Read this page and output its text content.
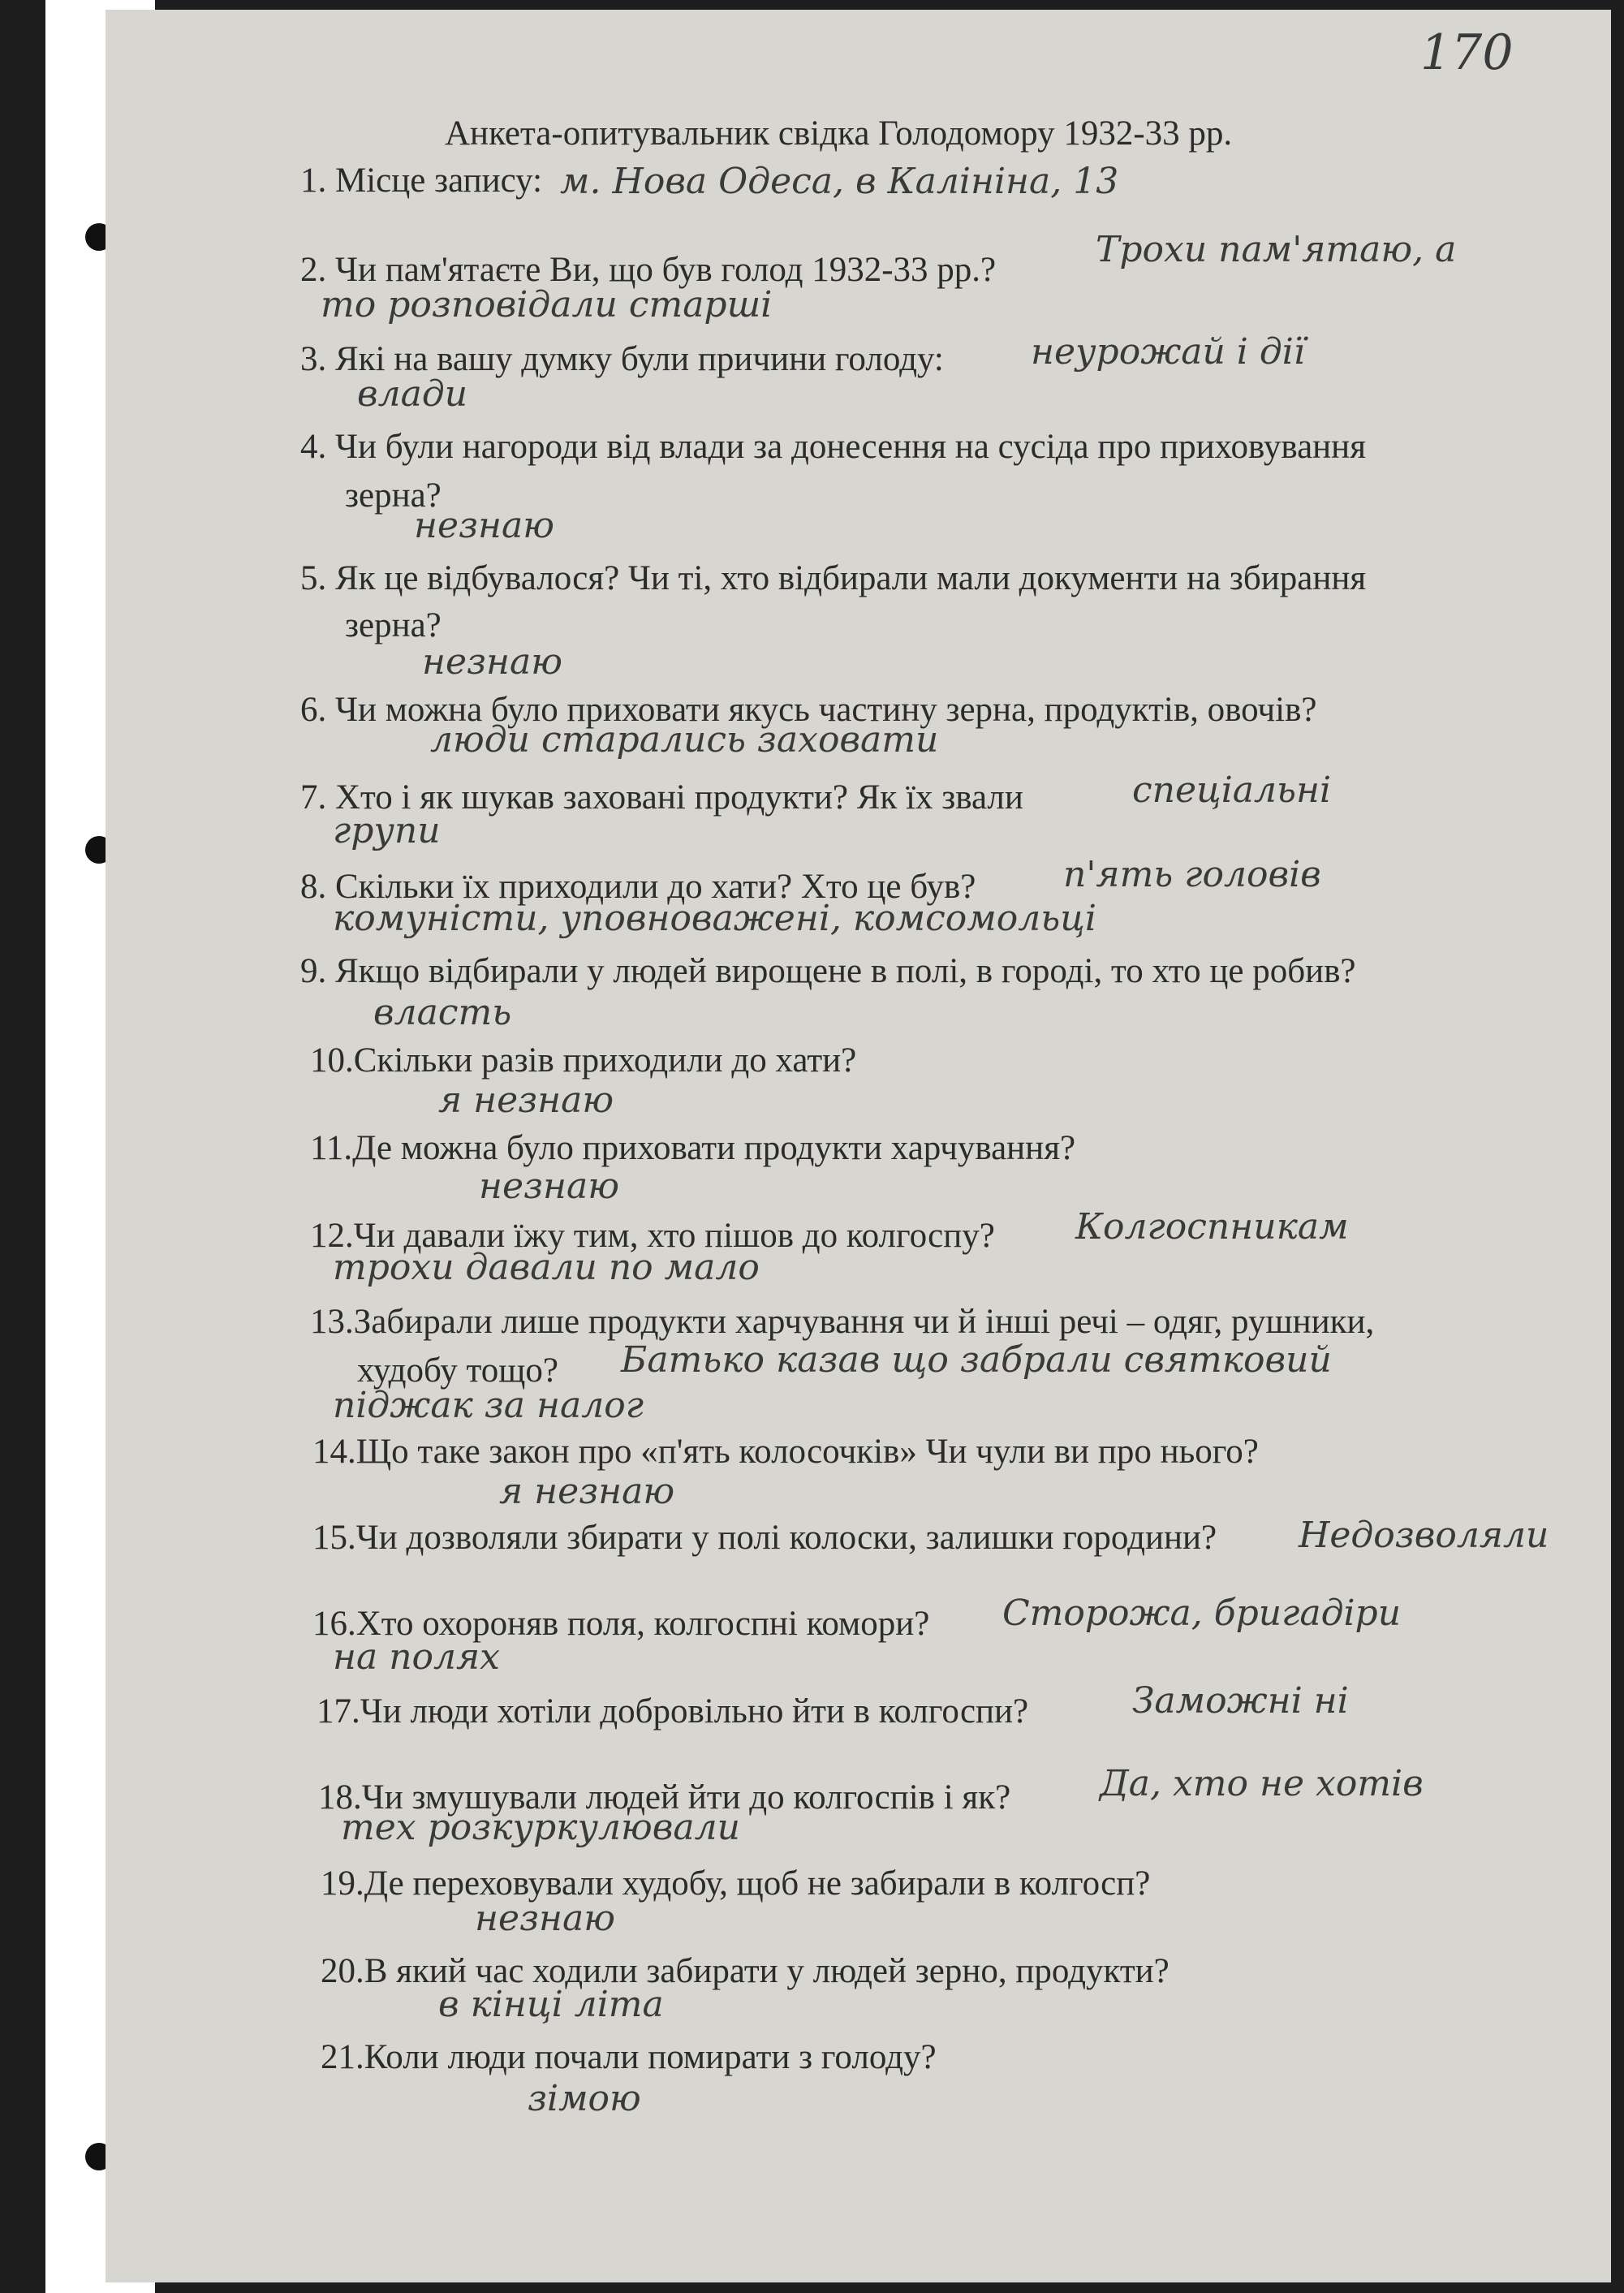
170
Анкета-опитувальник свідка Голодомору 1932-33 рр.
1. Місце запису:
2. Чи пам'ятаєте Ви, що був голод 1932-33 рр.?
3. Які на вашу думку були причини голоду:
4. Чи були нагороди від влади за донесення на сусіда про приховування
зерна?
5. Як це відбувалося? Чи ті, хто відбирали мали документи на збирання
зерна?
6. Чи можна було приховати якусь частину зерна, продуктів, овочів?
7. Хто і як шукав заховані продукти? Як їх звали
8. Скільки їх приходили до хати? Хто це був?
9. Якщо відбирали у людей вирощене в полі, в городі, то хто це робив?
10.Скільки разів приходили до хати?
11.Де можна було приховати продукти харчування?
12.Чи давали їжу тим, хто пішов до колгоспу?
13.Забирали лише продукти харчування чи й інші речі – одяг, рушники,
худобу тощо?
14.Що таке закон про «п'ять колосочків» Чи чули ви про нього?
15.Чи дозволяли збирати у полі колоски, залишки городини?
16.Хто охороняв поля, колгоспні комори?
17.Чи люди хотіли добровільно йти в колгоспи?
18.Чи змушували людей йти до колгоспів і як?
19.Де переховували худобу, щоб не забирали в колгосп?
20.В який час ходили забирати у людей зерно, продукти?
21.Коли люди почали помирати з голоду?
м. Нова Одеса, в Калініна, 13
Трохи пам'ятаю, а
то розповідали старші
неурожай і дії
влади
незнаю
незнаю
люди старались заховати
спеціальні
групи
п'ять головів
комуністи, уповноважені, комсомольці
власть
я незнаю
незнаю
Колгоспникам
трохи давали по мало
Батько казав що забрали святковий
піджак за налог
я незнаю
Недозволяли
Сторожа, бригадіри
на полях
Заможні ні
Да, хто не хотів
тех розкуркулювали
незнаю
в кінці літа
зімою
